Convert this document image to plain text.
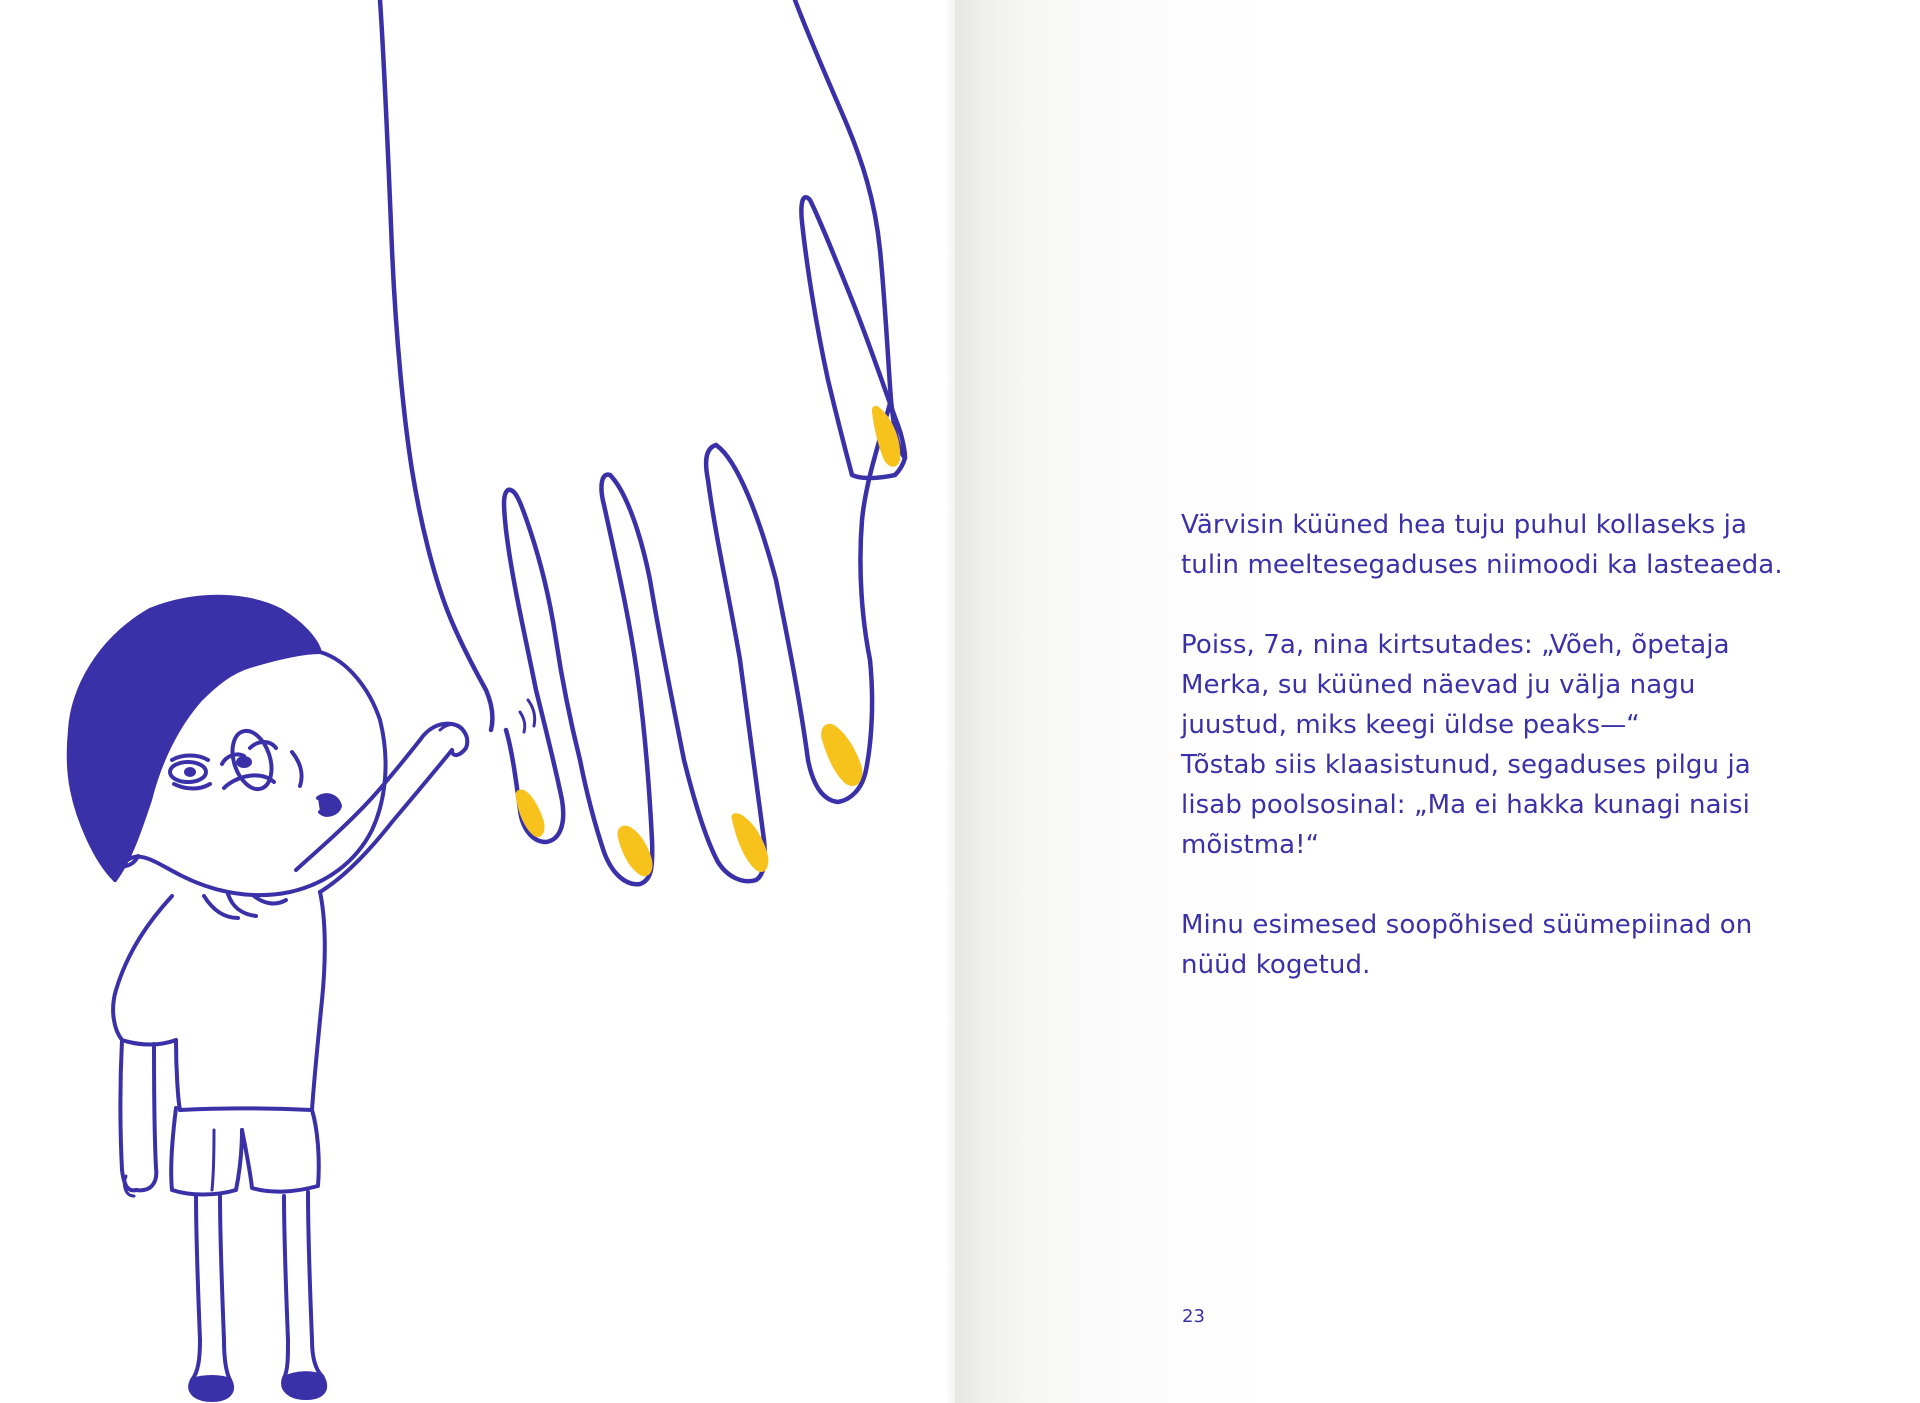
Värvisin küüned hea tuju puhul kollaseks ja
tulin meeltesegaduses niimoodi ka lasteaeda.

Poiss, 7a, nina kirtsutades: „Võeh, õpetaja
Merka, su küüned näevad ju välja nagu
juustud, miks keegi üldse peaks—“
Tõstab siis klaasistunud, segaduses pilgu ja
lisab poolsosinal: „Ma ei hakka kunagi naisi
mõistma!“

Minu esimesed soopõhised süümepiinad on
nüüd kogetud.

23
